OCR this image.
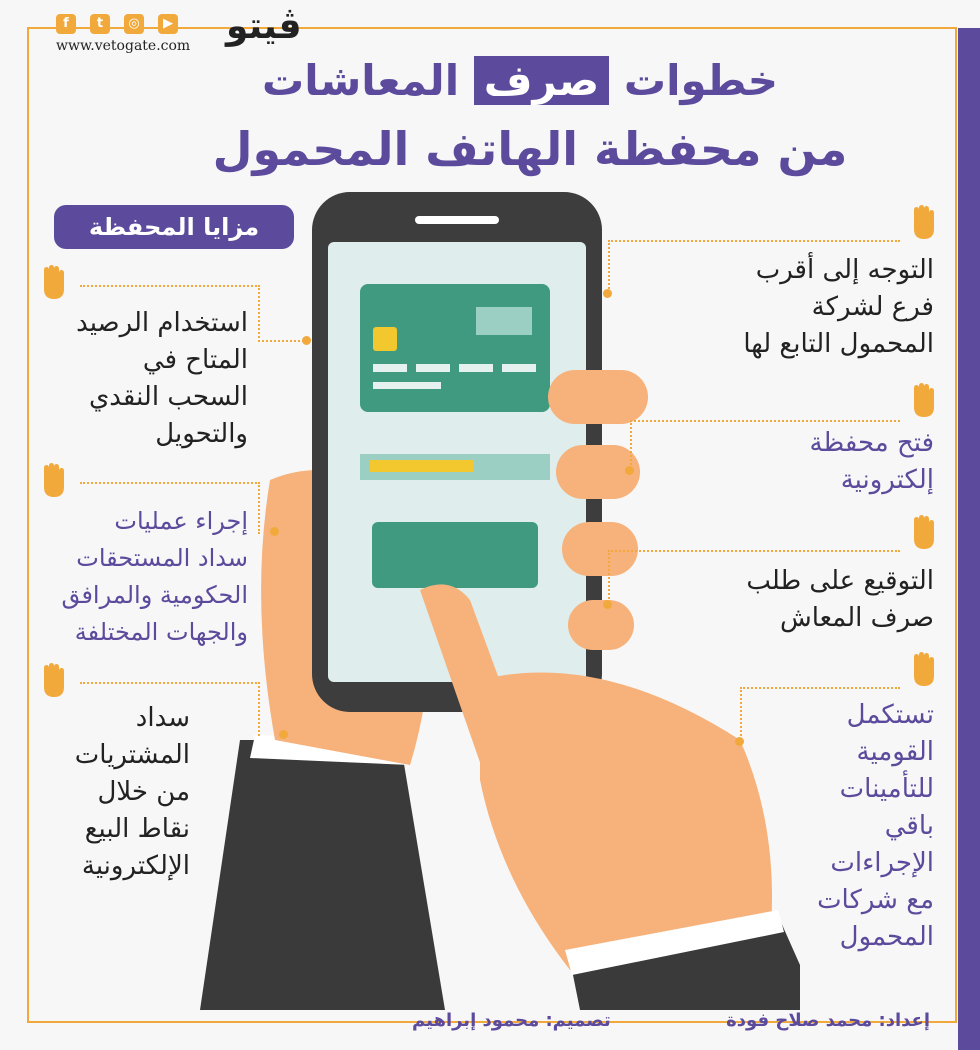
f	t	◎	▶
www.vetogate.com ڤيتو
خطوات صرف المعاشات
من محفظة الهاتف المحمول
مزايا المحفظة
التوجه إلى أقرب
فرع لشركة
المحمول التابع لها
فتح محفظة
إلكترونية
التوقيع على طلب
صرف المعاش
تستكمل
القومية
للتأمينات
باقي
الإجراءات
مع شركات
المحمول
استخدام الرصيد
المتاح في
السحب النقدي
والتحويل
إجراء عمليات
سداد المستحقات
الحكومية والمرافق
والجهات المختلفة
سداد
المشتريات
من خلال
نقاط البيع
الإلكترونية
إعداد: محمد صلاح فودة
تصميم: محمود إبراهيم
